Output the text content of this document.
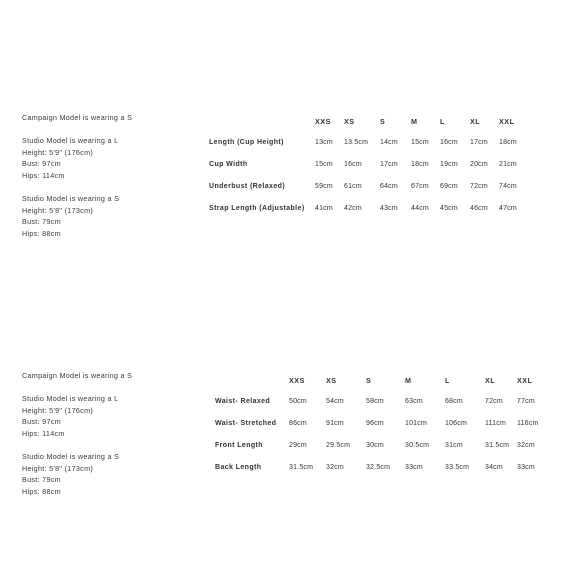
Campaign Model is wearing a S
Studio Model is wearing a L
Height: 5'9" (176cm)
Bust: 97cm
Hips: 114cm
Studio Model is wearing a S
Height: 5'8" (173cm)
Bust: 79cm
Hips: 88cm
	XXS	XS	S	M	L	XL	XXL
Length (Cup Height)	13cm	13.5cm	14cm	15cm	16cm	17cm	18cm
Cup Width	15cm	16cm	17cm	18cm	19cm	20cm	21cm
Underbust (Relaxed)	59cm	61cm	64cm	67cm	69cm	72cm	74cm
Strap Length (Adjustable)	41cm	42cm	43cm	44cm	45cm	46cm	47cm
Campaign Model is wearing a S
Studio Model is wearing a L
Height: 5'9" (176cm)
Bust: 97cm
Hips: 114cm
Studio Model is wearing a S
Height: 5'8" (173cm)
Bust: 79cm
Hips: 88cm
	XXS	XS	S	M	L	XL	XXL
Waist- Relaxed	50cm	54cm	58cm	63cm	68cm	72cm	77cm
Waist- Stretched	86cm	91cm	96cm	101cm	106cm	111cm	116cm
Front Length	29cm	29.5cm	30cm	30.5cm	31cm	31.5cm	32cm
Back Length	31.5cm	32cm	32.5cm	33cm	33.5cm	34cm	33cm
